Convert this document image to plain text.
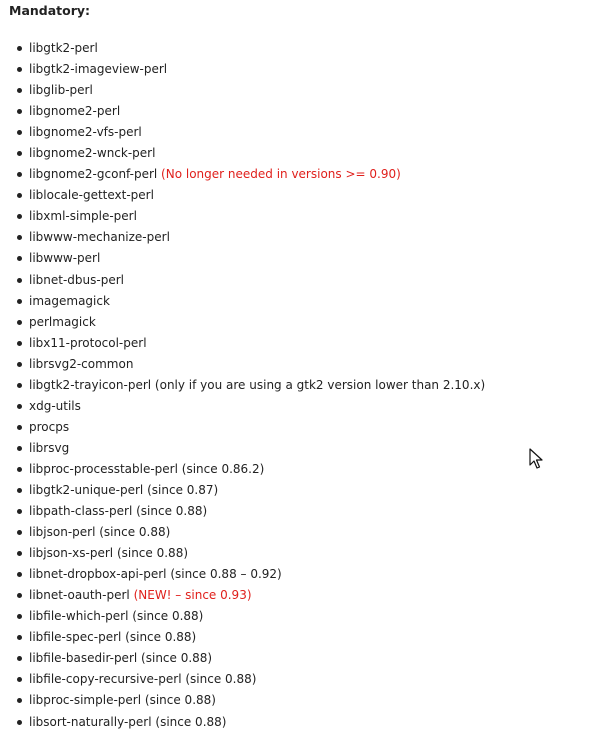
Mandatory:
libgtk2-perl
libgtk2-imageview-perl
libglib-perl
libgnome2-perl
libgnome2-vfs-perl
libgnome2-wnck-perl
libgnome2-gconf-perl (No longer needed in versions >= 0.90)
liblocale-gettext-perl
libxml-simple-perl
libwww-mechanize-perl
libwww-perl
libnet-dbus-perl
imagemagick
perlmagick
libx11-protocol-perl
librsvg2-common
libgtk2-trayicon-perl (only if you are using a gtk2 version lower than 2.10.x)
xdg-utils
procps
librsvg
libproc-processtable-perl (since 0.86.2)
libgtk2-unique-perl (since 0.87)
libpath-class-perl (since 0.88)
libjson-perl (since 0.88)
libjson-xs-perl (since 0.88)
libnet-dropbox-api-perl (since 0.88 – 0.92)
libnet-oauth-perl (NEW! – since 0.93)
libfile-which-perl (since 0.88)
libfile-spec-perl (since 0.88)
libfile-basedir-perl (since 0.88)
libfile-copy-recursive-perl (since 0.88)
libproc-simple-perl (since 0.88)
libsort-naturally-perl (since 0.88)
